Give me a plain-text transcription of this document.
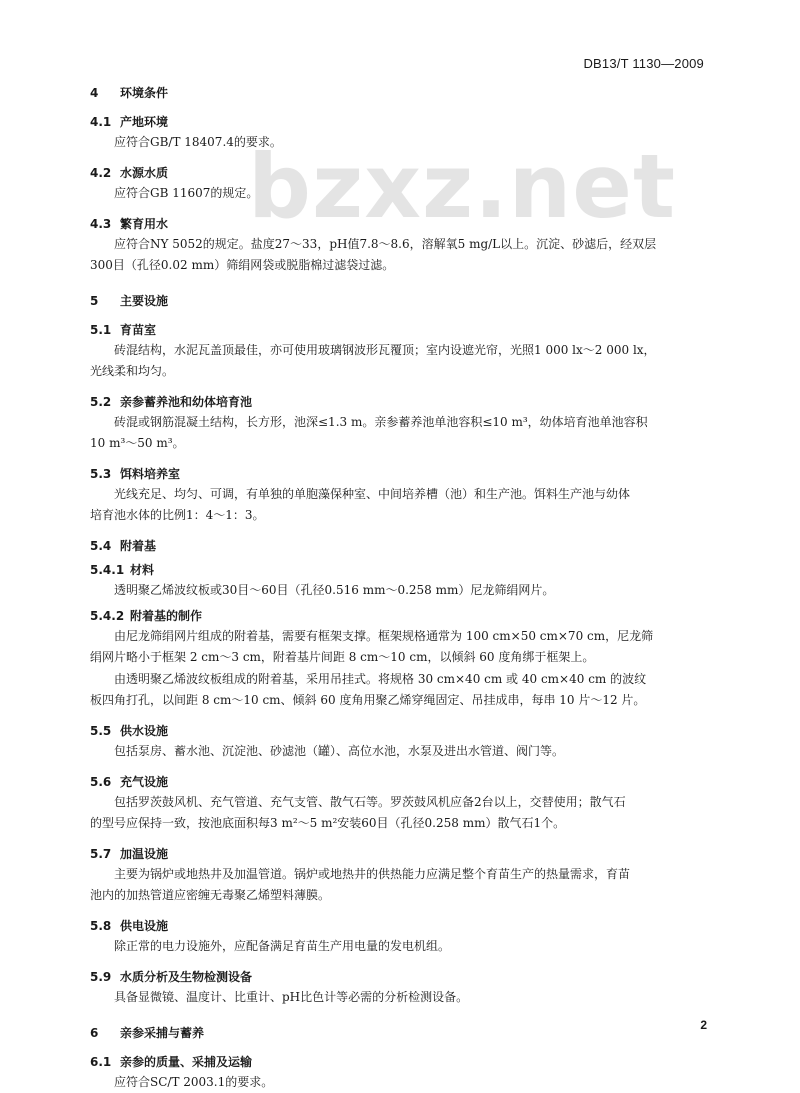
DB13/T 1130—2009
bzxz.net
4 环境条件
4.1 产地环境
应符合GB/T 18407.4的要求。
4.2 水源水质
应符合GB 11607的规定。
4.3 繁育用水
应符合NY 5052的规定。盐度27～33，pH值7.8～8.6，溶解氧5 mg/L以上。沉淀、砂滤后，经双层
300目（孔径0.02 mm）筛绢网袋或脱脂棉过滤袋过滤。
5 主要设施
5.1 育苗室
砖混结构，水泥瓦盖顶最佳，亦可使用玻璃钢波形瓦覆顶；室内设遮光帘，光照1 000 lx～2 000 lx，
光线柔和均匀。
5.2 亲参蓄养池和幼体培育池
砖混或钢筋混凝土结构，长方形，池深≤1.3 m。亲参蓄养池单池容积≤10 m³，幼体培育池单池容积
10 m³～50 m³。
5.3 饵料培养室
光线充足、均匀、可调，有单独的单胞藻保种室、中间培养槽（池）和生产池。饵料生产池与幼体
培育池水体的比例1：4～1：3。
5.4 附着基
5.4.1 材料
透明聚乙烯波纹板或30目～60目（孔径0.516 mm～0.258 mm）尼龙筛绢网片。
5.4.2 附着基的制作
由尼龙筛绢网片组成的附着基，需要有框架支撑。框架规格通常为 100 cm×50 cm×70 cm，尼龙筛
绢网片略小于框架 2 cm～3 cm，附着基片间距 8 cm～10 cm，以倾斜 60 度角绑于框架上。
由透明聚乙烯波纹板组成的附着基，采用吊挂式。将规格 30 cm×40 cm 或 40 cm×40 cm 的波纹
板四角打孔，以间距 8 cm～10 cm、倾斜 60 度角用聚乙烯穿绳固定、吊挂成串，每串 10 片～12 片。
5.5 供水设施
包括泵房、蓄水池、沉淀池、砂滤池（罐）、高位水池，水泵及进出水管道、阀门等。
5.6 充气设施
包括罗茨鼓风机、充气管道、充气支管、散气石等。罗茨鼓风机应备2台以上，交替使用；散气石
的型号应保持一致，按池底面积每3 m²～5 m²安装60目（孔径0.258 mm）散气石1个。
5.7 加温设施
主要为锅炉或地热井及加温管道。锅炉或地热井的供热能力应满足整个育苗生产的热量需求，育苗
池内的加热管道应密缠无毒聚乙烯塑料薄膜。
5.8 供电设施
除正常的电力设施外，应配备满足育苗生产用电量的发电机组。
5.9 水质分析及生物检测设备
具备显微镜、温度计、比重计、pH比色计等必需的分析检测设备。
6 亲参采捕与蓄养
6.1 亲参的质量、采捕及运输
应符合SC/T 2003.1的要求。
2
